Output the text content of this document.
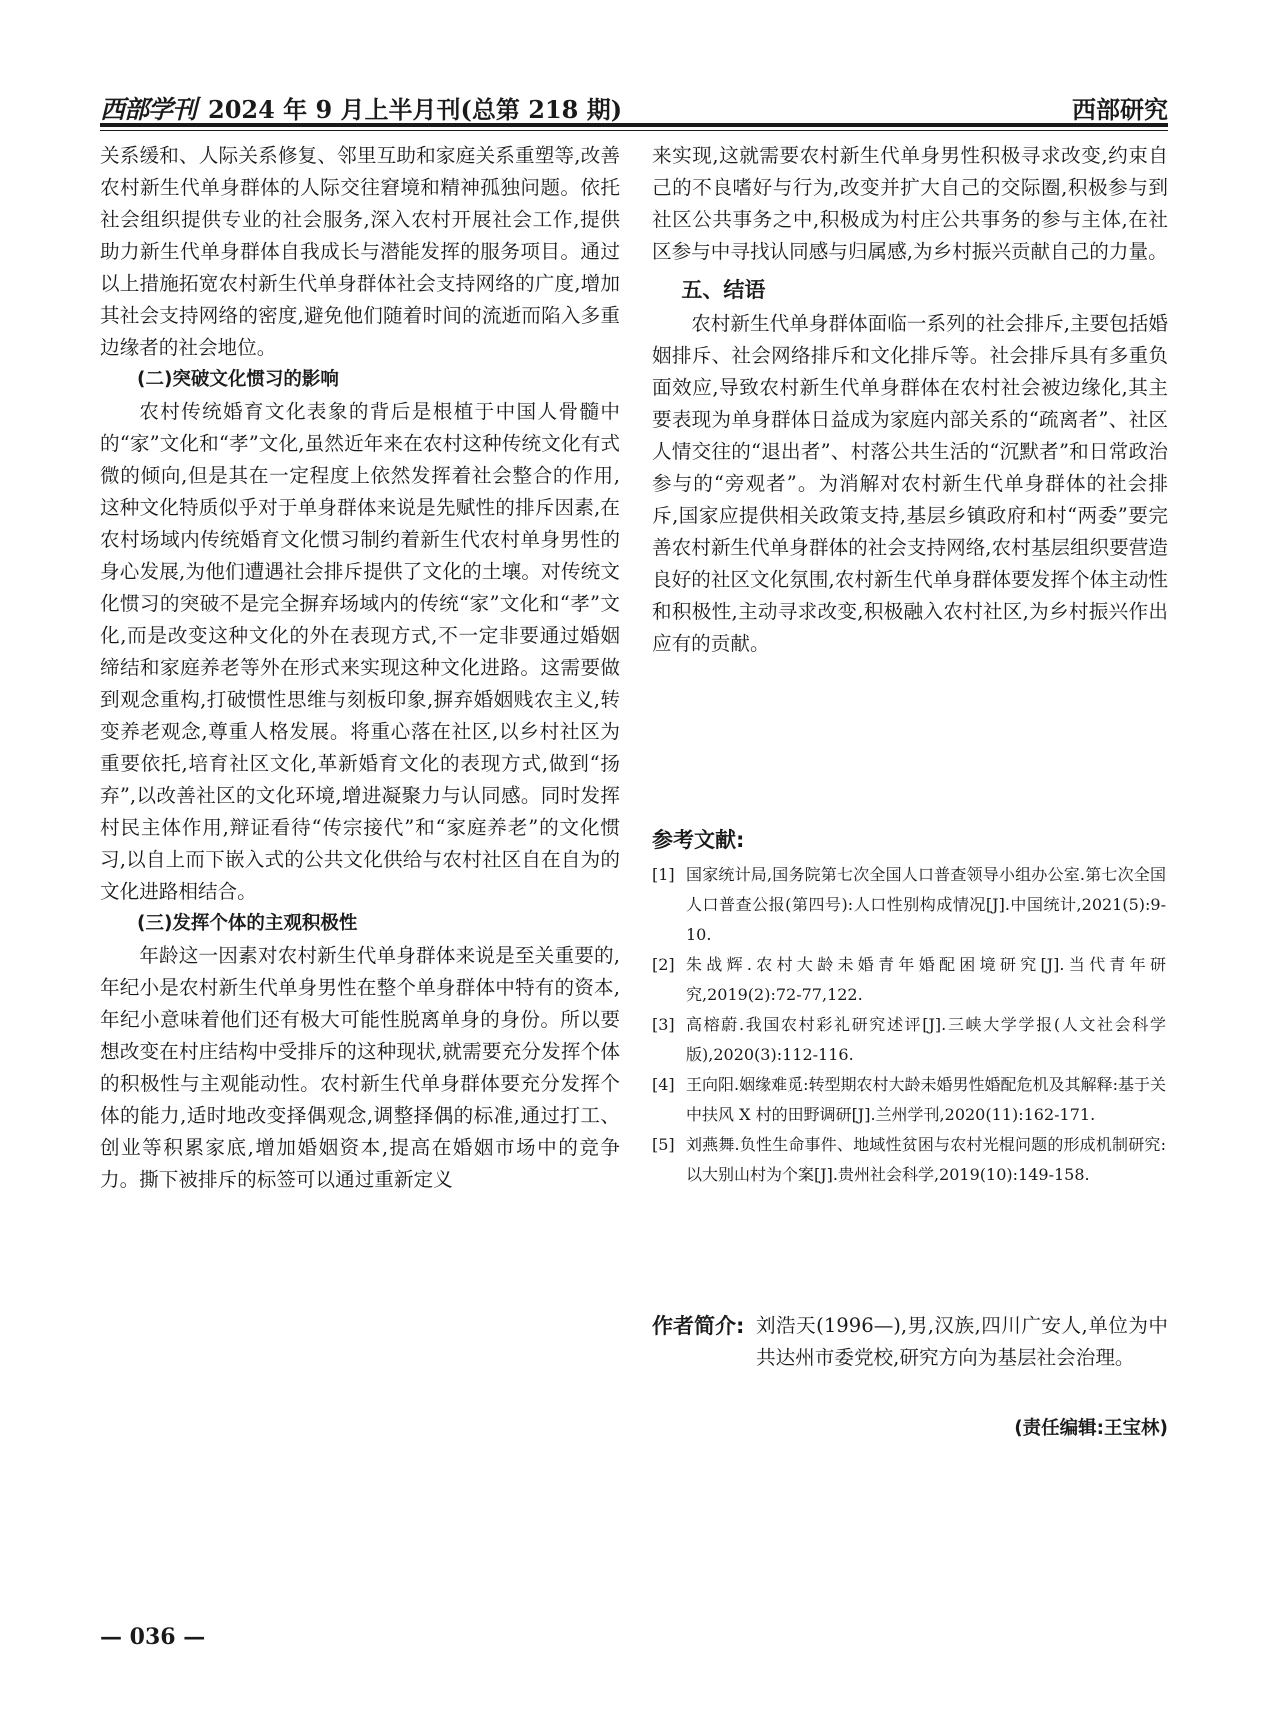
西部学刊 2024 年 9 月上半月刊(总第 218 期)	西部研究

关系缓和、人际关系修复、邻里互助和家庭关系重塑等,改善农村新生代单身群体的人际交往窘境和精神孤独问题。依托社会组织提供专业的社会服务,深入农村开展社会工作,提供助力新生代单身群体自我成长与潜能发挥的服务项目。通过以上措施拓宽农村新生代单身群体社会支持网络的广度,增加其社会支持网络的密度,避免他们随着时间的流逝而陷入多重边缘者的社会地位。

(二)突破文化惯习的影响

农村传统婚育文化表象的背后是根植于中国人骨髓中的“家”文化和“孝”文化,虽然近年来在农村这种传统文化有式微的倾向,但是其在一定程度上依然发挥着社会整合的作用,这种文化特质似乎对于单身群体来说是先赋性的排斥因素,在农村场域内传统婚育文化惯习制约着新生代农村单身男性的身心发展,为他们遭遇社会排斥提供了文化的土壤。对传统文化惯习的突破不是完全摒弃场域内的传统“家”文化和“孝”文化,而是改变这种文化的外在表现方式,不一定非要通过婚姻缔结和家庭养老等外在形式来实现这种文化进路。这需要做到观念重构,打破惯性思维与刻板印象,摒弃婚姻贱农主义,转变养老观念,尊重人格发展。将重心落在社区,以乡村社区为重要依托,培育社区文化,革新婚育文化的表现方式,做到“扬弃”,以改善社区的文化环境,增进凝聚力与认同感。同时发挥村民主体作用,辩证看待“传宗接代”和“家庭养老”的文化惯习,以自上而下嵌入式的公共文化供给与农村社区自在自为的文化进路相结合。

(三)发挥个体的主观积极性

年龄这一因素对农村新生代单身群体来说是至关重要的,年纪小是农村新生代单身男性在整个单身群体中特有的资本,年纪小意味着他们还有极大可能性脱离单身的身份。所以要想改变在村庄结构中受排斥的这种现状,就需要充分发挥个体的积极性与主观能动性。农村新生代单身群体要充分发挥个体的能力,适时地改变择偶观念,调整择偶的标准,通过打工、创业等积累家底,增加婚姻资本,提高在婚姻市场中的竞争力。撕下被排斥的标签可以通过重新定义

来实现,这就需要农村新生代单身男性积极寻求改变,约束自己的不良嗜好与行为,改变并扩大自己的交际圈,积极参与到社区公共事务之中,积极成为村庄公共事务的参与主体,在社区参与中寻找认同感与归属感,为乡村振兴贡献自己的力量。

五、结语

农村新生代单身群体面临一系列的社会排斥,主要包括婚姻排斥、社会网络排斥和文化排斥等。社会排斥具有多重负面效应,导致农村新生代单身群体在农村社会被边缘化,其主要表现为单身群体日益成为家庭内部关系的“疏离者”、社区人情交往的“退出者”、村落公共生活的“沉默者”和日常政治参与的“旁观者”。为消解对农村新生代单身群体的社会排斥,国家应提供相关政策支持,基层乡镇政府和村“两委”要完善农村新生代单身群体的社会支持网络,农村基层组织要营造良好的社区文化氛围,农村新生代单身群体要发挥个体主动性和积极性,主动寻求改变,积极融入农村社区,为乡村振兴作出应有的贡献。

参考文献:
[1] 国家统计局,国务院第七次全国人口普查领导小组办公室.第七次全国人口普查公报(第四号):人口性别构成情况[J].中国统计,2021(5):9-10.
[2] 朱战辉.农村大龄未婚青年婚配困境研究[J].当代青年研究,2019(2):72-77,122.
[3] 高榕蔚.我国农村彩礼研究述评[J].三峡大学学报(人文社会科学版),2020(3):112-116.
[4] 王向阳.姻缘难觅:转型期农村大龄未婚男性婚配危机及其解释:基于关中扶风 X 村的田野调研[J].兰州学刊,2020(11):162-171.
[5] 刘燕舞.负性生命事件、地域性贫困与农村光棍问题的形成机制研究:以大别山村为个案[J].贵州社会科学,2019(10):149-158.
作者简介: 刘浩天(1996—),男,汉族,四川广安人,单位为中共达州市委党校,研究方向为基层社会治理。
(责任编辑:王宝林)
— 036 —
